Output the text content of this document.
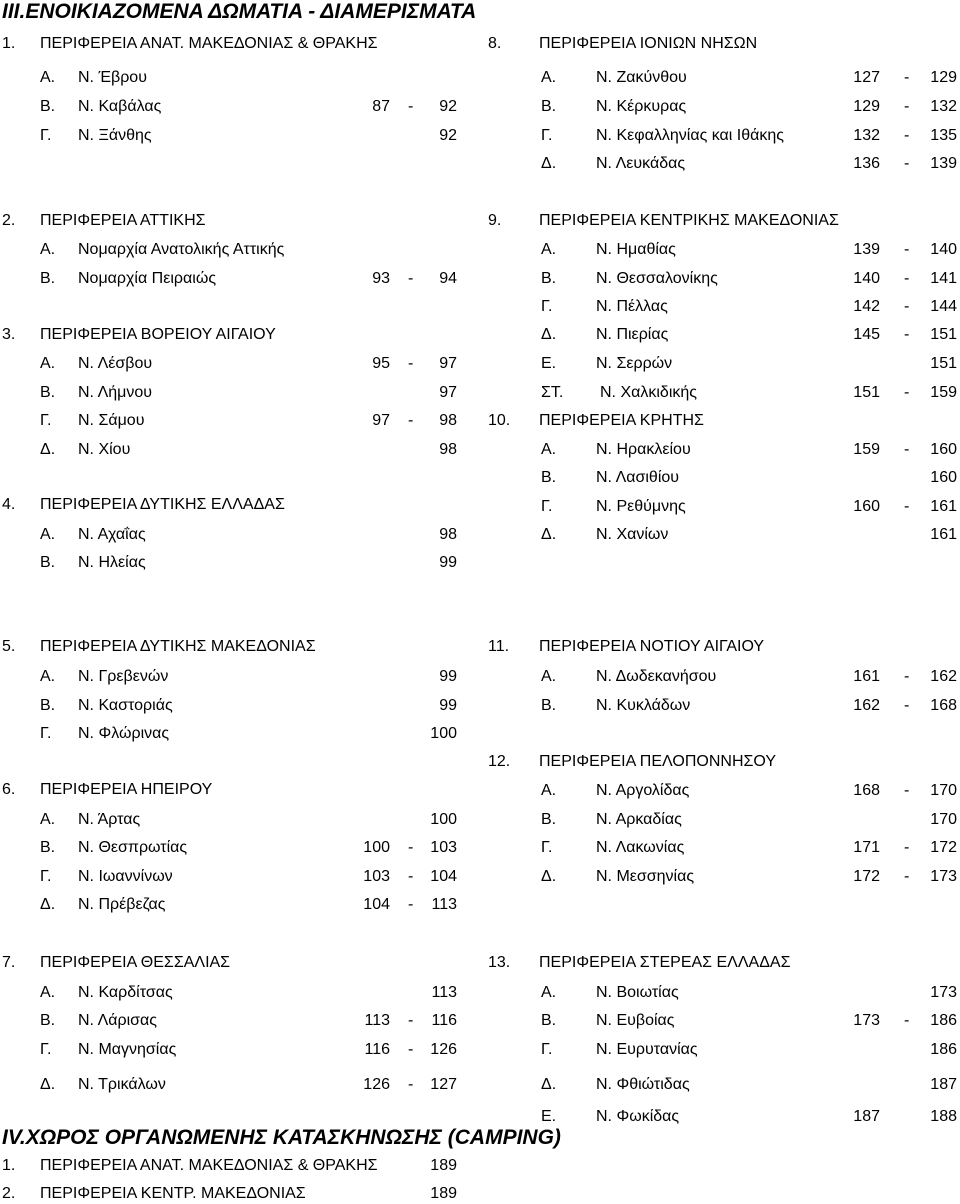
III.ΕΝΟΙΚΙΑΖΟΜΕΝΑ ΔΩΜΑΤΙΑ - ΔΙΑΜΕΡΙΣΜΑΤΑ
1. ΠΕΡΙΦΕΡΕΙΑ ΑΝΑΤ. ΜΑΚΕΔΟΝΙΑΣ & ΘΡΑΚΗΣ
Α. Ν. Έβρου
Β. Ν. Καβάλας	87 -	92
Γ. Ν. Ξάνθης	92
2. ΠΕΡΙΦΕΡΕΙΑ ΑΤΤΙΚΗΣ
Α. Νομαρχία Ανατολικής Αττικής
Β. Νομαρχία Πειραιώς	93 -	94
3. ΠΕΡΙΦΕΡΕΙΑ ΒΟΡΕΙΟΥ ΑΙΓΑΙΟΥ
Α. Ν. Λέσβου	95 -	97
Β. Ν. Λήμνου	97
Γ. Ν. Σάμου	97 -	98
Δ. Ν. Χίου	98
4. ΠΕΡΙΦΕΡΕΙΑ ΔΥΤΙΚΗΣ ΕΛΛΑΔΑΣ
Α. Ν. Αχαΐας	98
Β. Ν. Ηλείας	99
5. ΠΕΡΙΦΕΡΕΙΑ ΔΥΤΙΚΗΣ ΜΑΚΕΔΟΝΙΑΣ
Α. Ν. Γρεβενών	99
Β. Ν. Καστοριάς	99
Γ. Ν. Φλώρινας	100
6. ΠΕΡΙΦΕΡΕΙΑ ΗΠΕΙΡΟΥ
Α. Ν. Άρτας	100
Β. Ν. Θεσπρωτίας	100 -	103
Γ. Ν. Ιωαννίνων	103 -	104
Δ. Ν. Πρέβεζας	104 -	113
7. ΠΕΡΙΦΕΡΕΙΑ ΘΕΣΣΑΛΙΑΣ
Α. Ν. Καρδίτσας	113
Β. Ν. Λάρισας	113 -	116
Γ. Ν. Μαγνησίας	116 -	126
Δ. Ν. Τρικάλων	126 -	127
8. ΠΕΡΙΦΕΡΕΙΑ ΙΟΝΙΩΝ ΝΗΣΩΝ
Α. Ν. Ζακύνθου	127 -	129
Β. Ν. Κέρκυρας	129 -	132
Γ.	Ν. Κεφαλληνίας και Ιθάκης	132 -	135
Δ. Ν. Λευκάδας	136 -	139
9. ΠΕΡΙΦΕΡΕΙΑ ΚΕΝΤΡΙΚΗΣ ΜΑΚΕΔΟΝΙΑΣ
Α. Ν. Ημαθίας	139 -	140
Β. Ν. Θεσσαλονίκης	140 -	141
Γ.	Ν. Πέλλας	142 -	144
Δ. Ν. Πιερίας	145 -	151
Ε. Ν. Σερρών	151
ΣΤ. Ν. Χαλκιδικής	151 -	159
10. ΠΕΡΙΦΕΡΕΙΑ ΚΡΗΤΗΣ
Α. Ν. Ηρακλείου	159 -	160
Β. Ν. Λασιθίου	160
Γ.	Ν. Ρεθύμνης	160 -	161
Δ. Ν. Χανίων	161
11. ΠΕΡΙΦΕΡΕΙΑ ΝΟΤΙΟΥ ΑΙΓΑΙΟΥ
Α. Ν. Δωδεκανήσου	161 -	162
Β. Ν. Κυκλάδων	162 -	168
12. ΠΕΡΙΦΕΡΕΙΑ ΠΕΛΟΠΟΝΝΗΣΟΥ
Α. Ν. Αργολίδας	168 -	170
Β. Ν. Αρκαδίας	170
Γ.	Ν. Λακωνίας	171 -	172
Δ. Ν. Μεσσηνίας	172 -	173
13. ΠΕΡΙΦΕΡΕΙΑ ΣΤΕΡΕΑΣ ΕΛΛΑΔΑΣ
Α. Ν. Βοιωτίας	173
Β. Ν. Ευβοίας	173 -	186
Γ.	Ν. Ευρυτανίας	186
Δ. Ν. Φθιώτιδας	187
Ε. Ν. Φωκίδας	187	188
IV.ΧΩΡΟΣ ΟΡΓΑΝΩΜΕΝΗΣ ΚΑΤΑΣΚΗΝΩΣΗΣ (CAMPING)
1. ΠΕΡΙΦΕΡΕΙΑ ΑΝΑΤ. ΜΑΚΕΔΟΝΙΑΣ & ΘΡΑΚΗΣ	189
2. ΠΕΡΙΦΕΡΕΙΑ ΚΕΝΤΡ. ΜΑΚΕΔΟΝΙΑΣ	189
